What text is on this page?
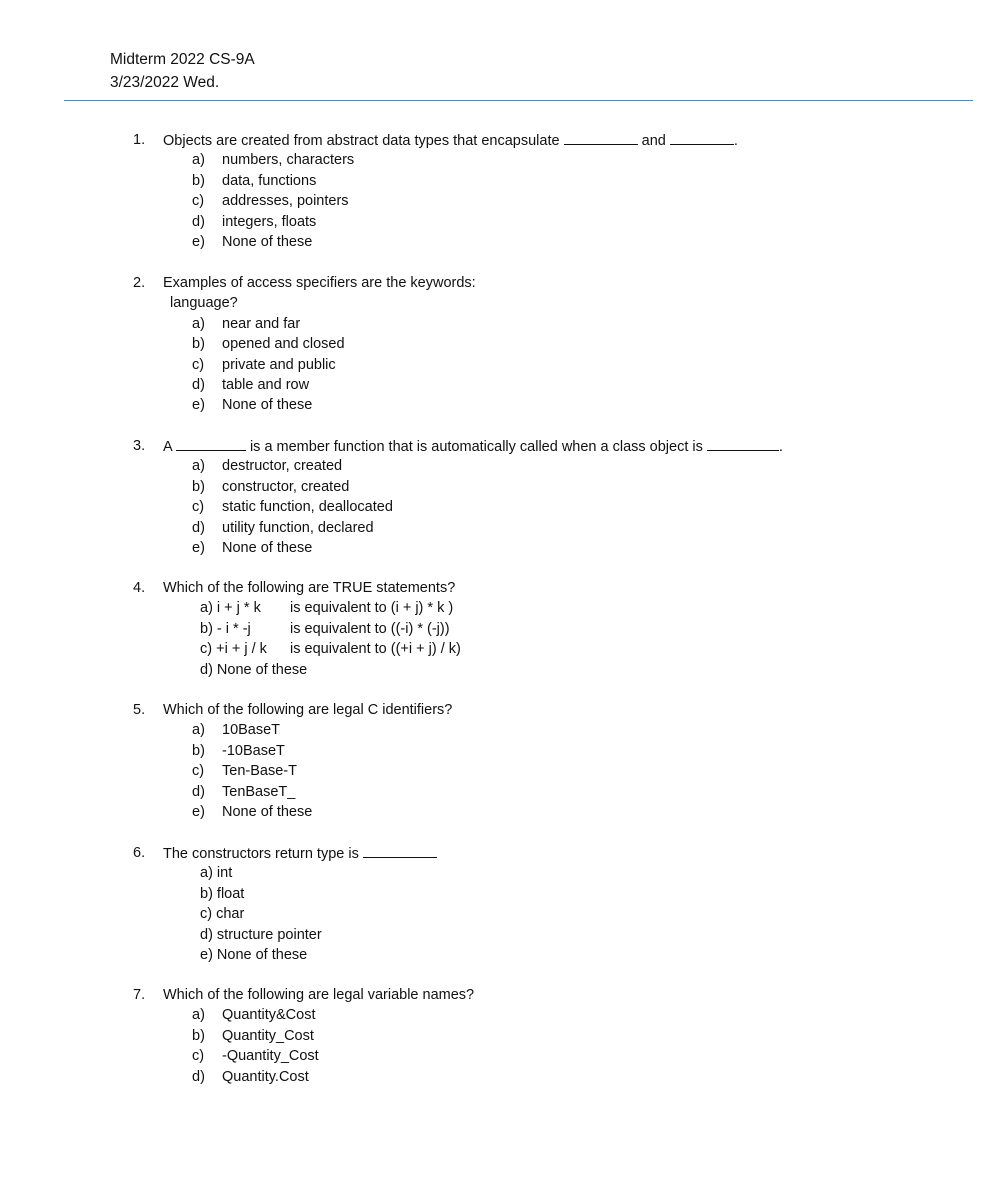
Midterm 2022 CS-9A
3/23/2022 Wed.
1. Objects are created from abstract data types that encapsulate	and	.
a) numbers, characters
b) data, functions
c) addresses, pointers
d) integers, floats
e) None of these
2. Examples of access specifiers are the keywords:
language?
a) near and far
b) opened and closed
c) private and public
d) table and row
e) None of these
3. A	is a member function that is automatically called when a class object is	.
a) destructor, created
b) constructor, created
c) static function, deallocated
d) utility function, declared
e) None of these
4. Which of the following are TRUE statements?
a) i + j * k is equivalent to (i + j) * k )
b) - i * -j	is equivalent to ((-i) * (-j))
c) +i + j / k is equivalent to ((+i + j) / k)
d) None of these
5. Which of the following are legal C identifiers?
a) 10BaseT
b) -10BaseT
c) Ten-Base-T
d) TenBaseT_
e) None of these
6. The constructors return type is
a) int
b) float
c) char
d) structure pointer
e) None of these
7. Which of the following are legal variable names?
a) Quantity&Cost
b) Quantity_Cost
c) -Quantity_Cost
d) Quantity.Cost
